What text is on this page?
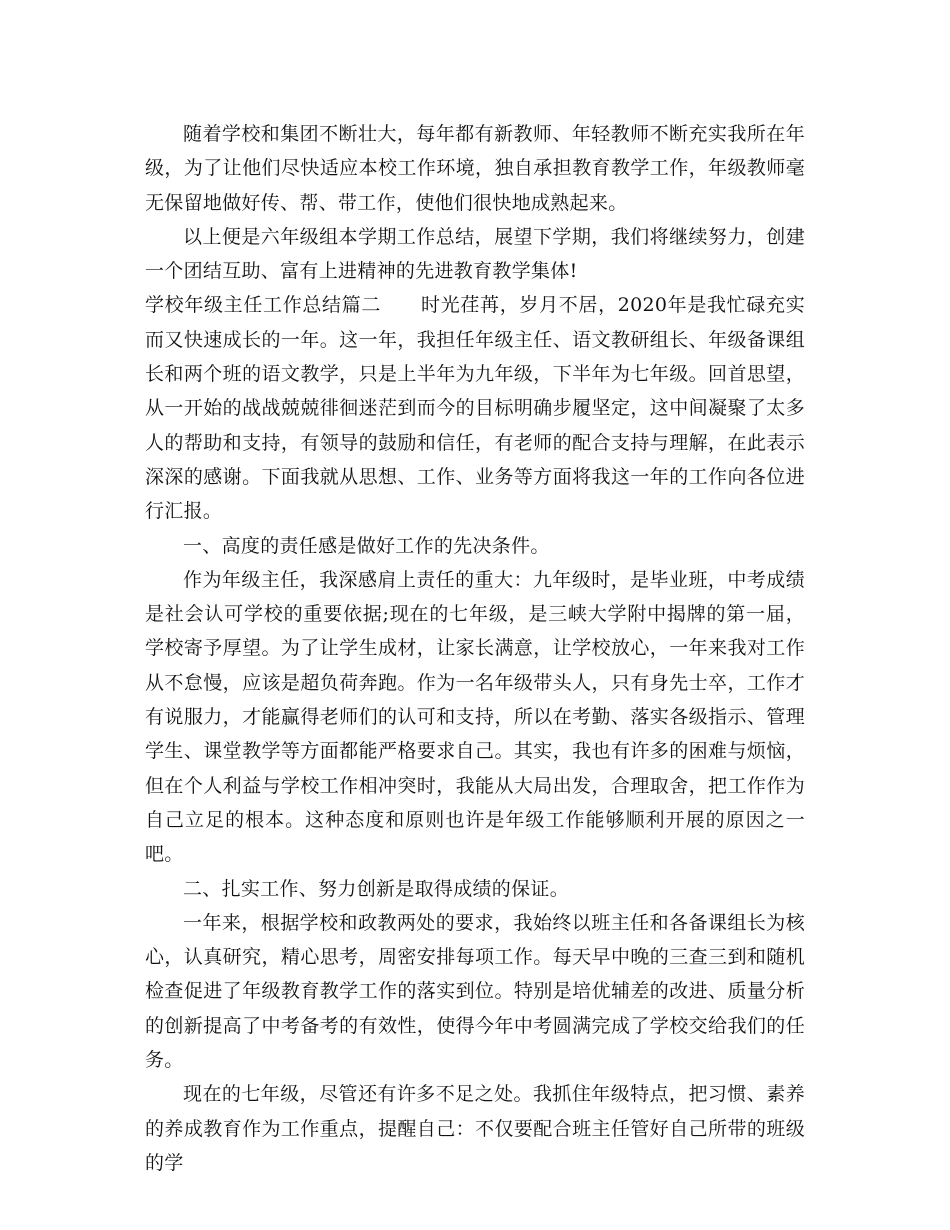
随着学校和集团不断壮大，每年都有新教师、年轻教师不断充实我所在年级，为了让他们尽快适应本校工作环境，独自承担教育教学工作，年级教师毫无保留地做好传、帮、带工作，使他们很快地成熟起来。

以上便是六年级组本学期工作总结，展望下学期，我们将继续努力，创建一个团结互助、富有上进精神的先进教育教学集体!

学校年级主任工作总结篇二 时光荏苒，岁月不居，2020年是我忙碌充实而又快速成长的一年。这一年，我担任年级主任、语文教研组长、年级备课组长和两个班的语文教学，只是上半年为九年级，下半年为七年级。回首思望，从一开始的战战兢兢徘徊迷茫到而今的目标明确步履坚定，这中间凝聚了太多人的帮助和支持，有领导的鼓励和信任，有老师的配合支持与理解，在此表示深深的感谢。下面我就从思想、工作、业务等方面将我这一年的工作向各位进行汇报。

一、高度的责任感是做好工作的先决条件。

作为年级主任，我深感肩上责任的重大：九年级时，是毕业班，中考成绩是社会认可学校的重要依据;现在的七年级，是三峡大学附中揭牌的第一届，学校寄予厚望。为了让学生成材，让家长满意，让学校放心，一年来我对工作从不怠慢，应该是超负荷奔跑。作为一名年级带头人，只有身先士卒，工作才有说服力，才能赢得老师们的认可和支持，所以在考勤、落实各级指示、管理学生、课堂教学等方面都能严格要求自己。其实，我也有许多的困难与烦恼，但在个人利益与学校工作相冲突时，我能从大局出发，合理取舍，把工作作为自己立足的根本。这种态度和原则也许是年级工作能够顺利开展的原因之一吧。

二、扎实工作、努力创新是取得成绩的保证。

一年来，根据学校和政教两处的要求，我始终以班主任和各备课组长为核心，认真研究，精心思考，周密安排每项工作。每天早中晚的三查三到和随机检查促进了年级教育教学工作的落实到位。特别是培优辅差的改进、质量分析的创新提高了中考备考的有效性，使得今年中考圆满完成了学校交给我们的任务。

现在的七年级，尽管还有许多不足之处。我抓住年级特点，把习惯、素养的养成教育作为工作重点，提醒自己：不仅要配合班主任管好自己所带的班级的学
